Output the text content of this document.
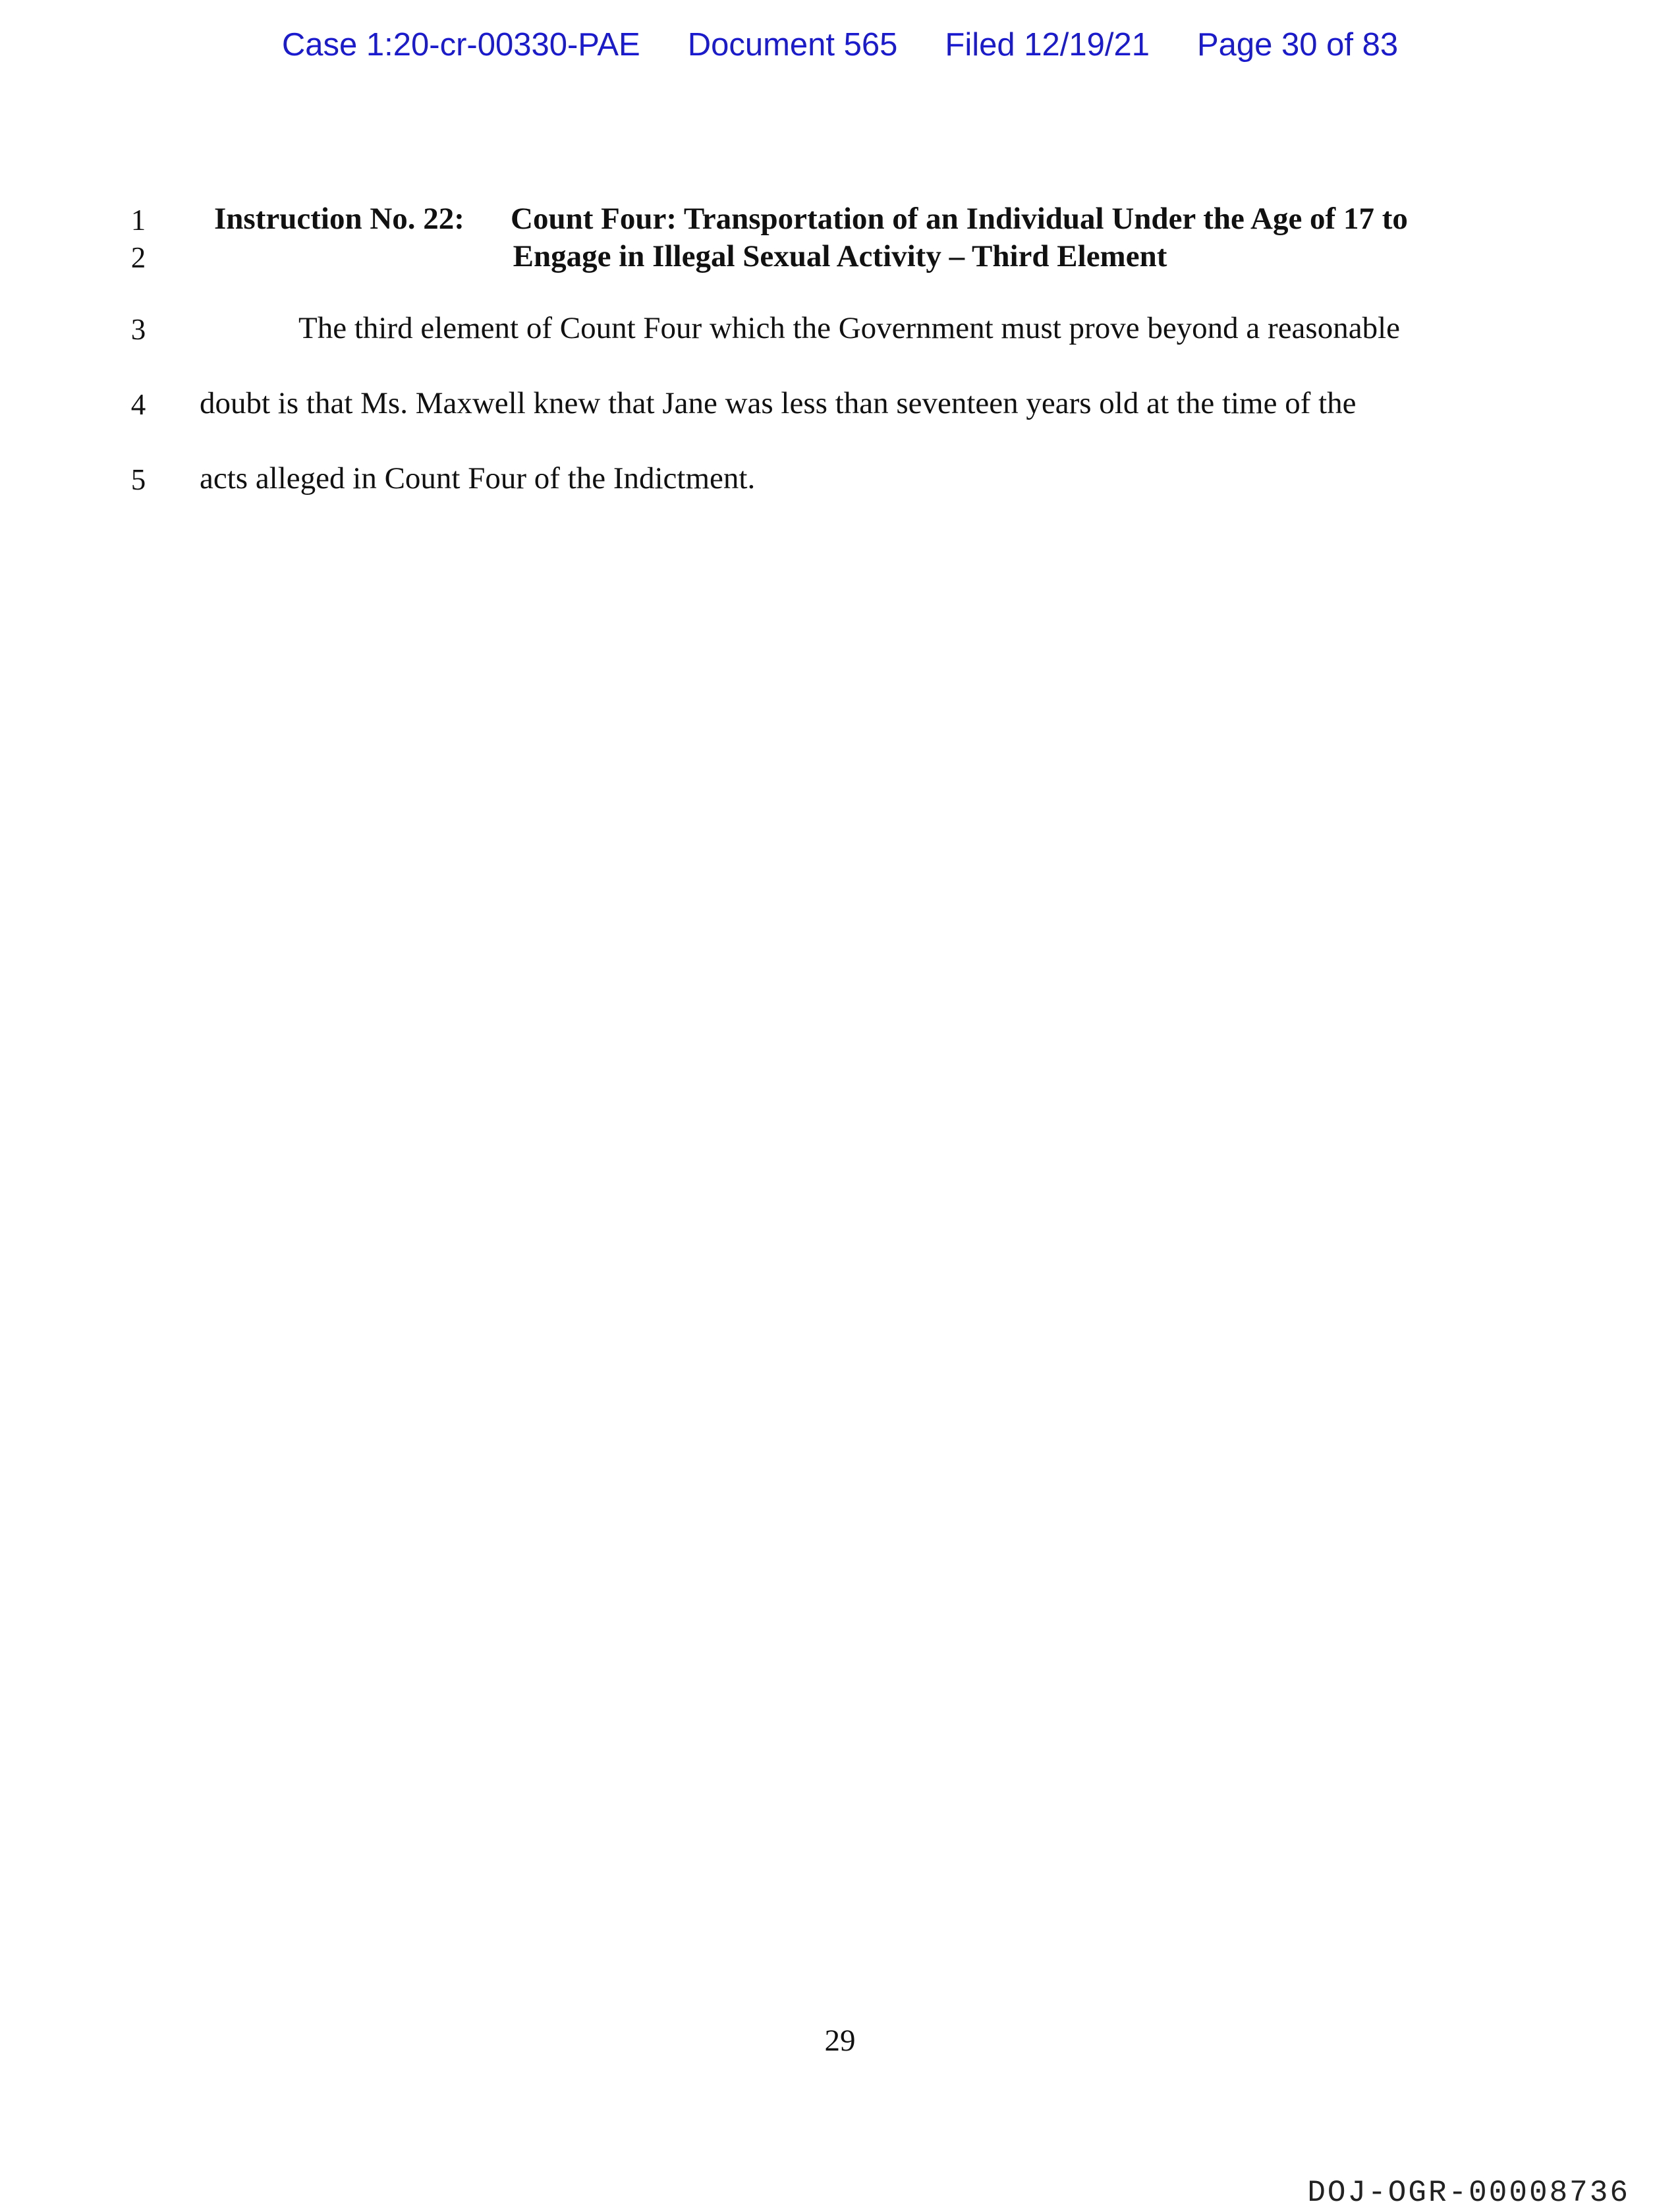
Case 1:20-cr-00330-PAE Document 565 Filed 12/19/21 Page 30 of 83
1
2
3
4
5
Instruction No. 22: Count Four: Transportation of an Individual Under the Age of 17 to
Engage in Illegal Sexual Activity – Third Element
The third element of Count Four which the Government must prove beyond a reasonable
doubt is that Ms. Maxwell knew that Jane was less than seventeen years old at the time of the
acts alleged in Count Four of the Indictment.
29
DOJ-OGR-00008736
